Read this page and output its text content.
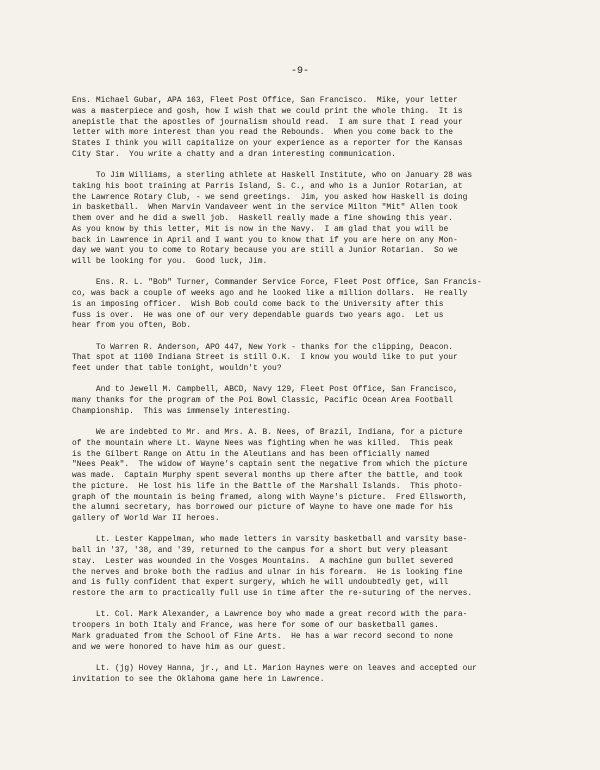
-9-
Ens. Michael Gubar, APA 163, Fleet Post Office, San Francisco.  Mike, your letter
was a masterpiece and gosh, how I wish that we could print the whole thing.  It is
anepistle that the apostles of journalism should read.  I am sure that I read your
letter with more interest than you read the Rebounds.  When you come back to the
States I think you will capitalize on your experience as a reporter for the Kansas
City Star.  You write a chatty and a dran interesting communication.
To Jim Williams, a sterling athlete at Haskell Institute, who on January 28 was
taking his boot training at Parris Island, S. C., and who is a Junior Rotarian, at
the Lawrence Rotary Club, - we send greetings.  Jim, you asked how Haskell is doing
in basketball.  When Marvin Vandaveer went in the service Milton "Mit" Allen took
them over and he did a swell job.  Haskell really made a fine showing this year.
As you know by this letter, Mit is now in the Navy.  I am glad that you will be
back in Lawrence in April and I want you to know that if you are here on any Mon-
day we want you to come to Rotary because you are still a Junior Rotarian.  So we
will be looking for you.  Good luck, Jim.
Ens. R. L. "Bob" Turner, Commander Service Force, Fleet Post Office, San Francis-
co, was back a couple of weeks ago and he looked like a million dollars.  He really
is an imposing officer.  Wish Bob could come back to the University after this
fuss is over.  He was one of our very dependable guards two years ago.  Let us
hear from you often, Bob.
To Warren R. Anderson, APO 447, New York - thanks for the clipping, Deacon.
That spot at 1100 Indiana Street is still O.K.  I know you would like to put your
feet under that table tonight, wouldn't you?
And to Jewell M. Campbell, ABCD, Navy 129, Fleet Post Office, San Francisco,
many thanks for the program of the Poi Bowl Classic, Pacific Ocean Area Football
Championship.  This was immensely interesting.
We are indebted to Mr. and Mrs. A. B. Nees, of Brazil, Indiana, for a picture
of the mountain where Lt. Wayne Nees was fighting when he was killed.  This peak
is the Gilbert Range on Attu in the Aleutians and has been officially named
"Nees Peak".  The widow of Wayne's captain sent the negative from which the picture
was made.  Captain Murphy spent several months up there after the battle, and took
the picture.  He lost his life in the Battle of the Marshall Islands.  This photo-
graph of the mountain is being framed, along with Wayne's picture.  Fred Ellsworth,
the alumni secretary, has borrowed our picture of Wayne to have one made for his
gallery of World War II heroes.
Lt. Lester Kappelman, who made letters in varsity basketball and varsity base-
ball in '37, '38, and '39, returned to the campus for a short but very pleasant
stay.  Lester was wounded in the Vosges Mountains.  A machine gun bullet severed
the nerves and broke both the radius and ulnar in his forearm.  He is looking fine
and is fully confident that expert surgery, which he will undoubtedly get, will
restore the arm to practically full use in time after the re-suturing of the nerves.
Lt. Col. Mark Alexander, a Lawrence boy who made a great record with the para-
troopers in both Italy and France, was here for some of our basketball games.
Mark graduated from the School of Fine Arts.  He has a war record second to none
and we were honored to have him as our guest.
Lt. (jg) Hovey Hanna, jr., and Lt. Marion Haynes were on leaves and accepted our
invitation to see the Oklahoma game here in Lawrence.
